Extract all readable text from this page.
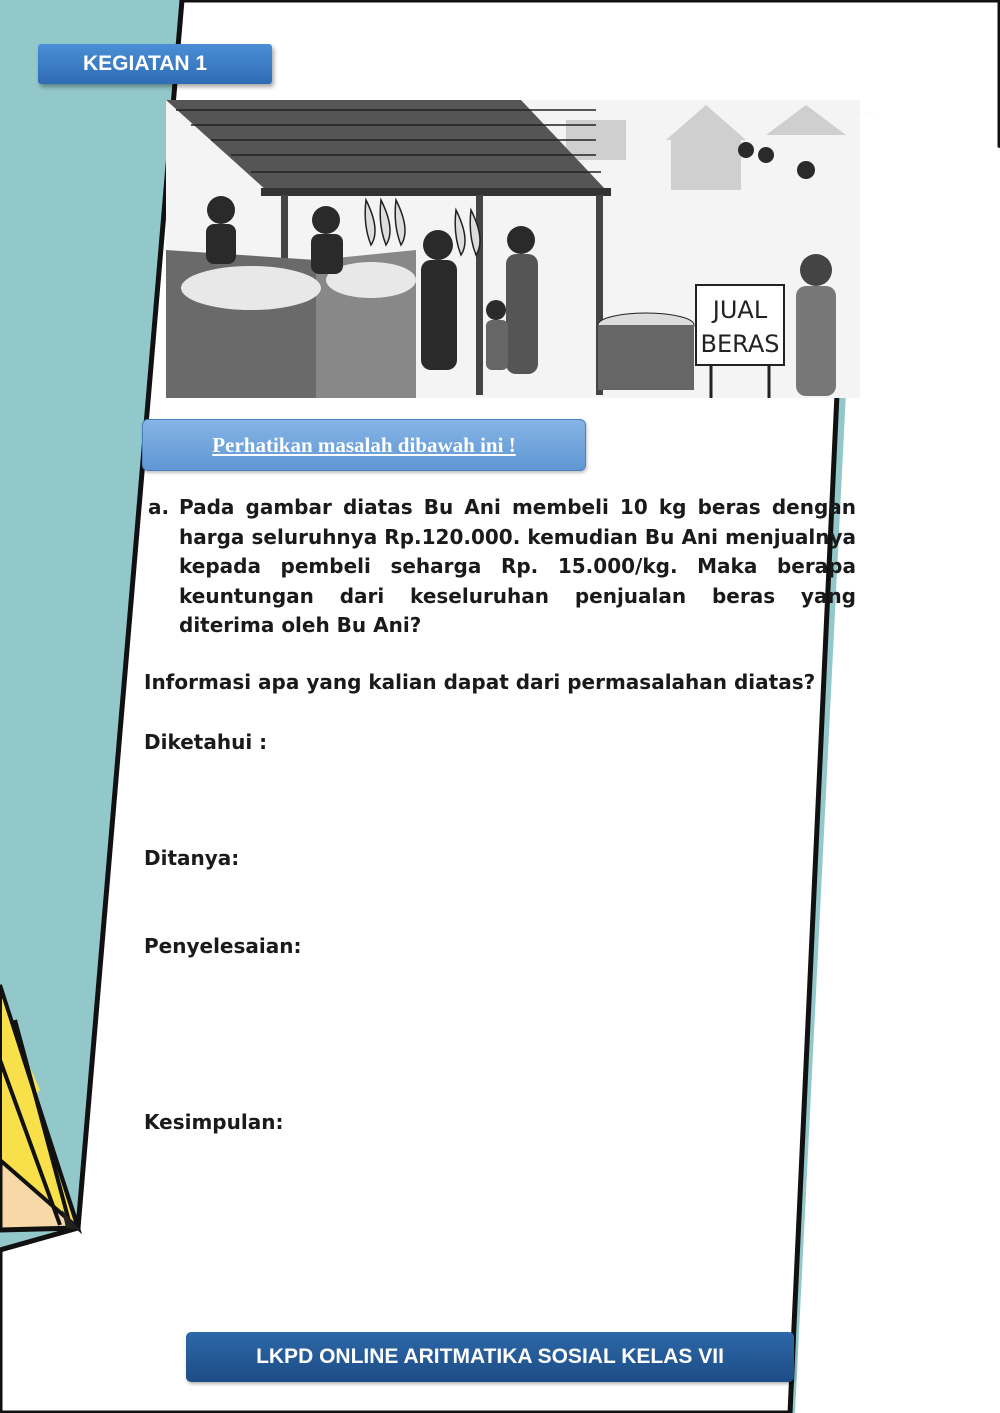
KEGIATAN 1
JUAL
BERAS
Perhatikan masalah dibawah ini !
a. Pada gambar diatas Bu Ani membeli 10 kg beras dengan harga seluruhnya Rp.120.000. kemudian Bu Ani menjualnya kepada pembeli seharga Rp. 15.000/kg. Maka berapa keuntungan dari keseluruhan penjualan beras yang diterima oleh Bu Ani?
Informasi apa yang kalian dapat dari permasalahan diatas?
Diketahui :
Ditanya:
Penyelesaian:
Kesimpulan:
LKPD ONLINE ARITMATIKA SOSIAL KELAS VII
